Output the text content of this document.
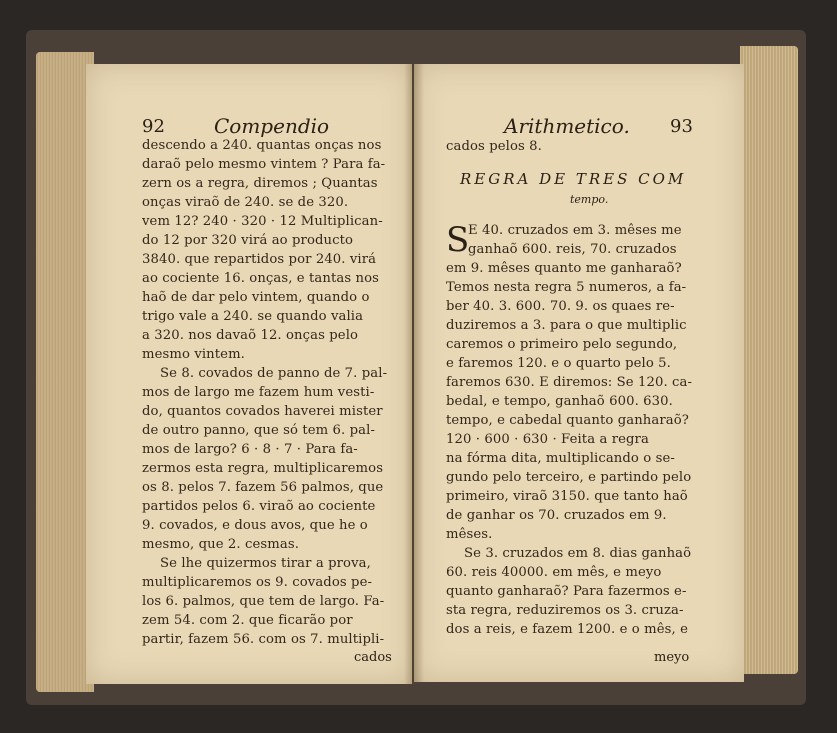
92 Compendio
descendo a 240. quantas onças nos
daraõ pelo mesmo vintem ? Para fa-
zern os a regra, diremos ; Quantas
onças viraõ de 240. se de 320.
vem 12? 240 · 320 · 12 Multiplican-
do 12 por 320 virá ao producto
3840. que repartidos por 240. virá
ao cociente 16. onças, e tantas nos
haõ de dar pelo vintem, quando o
trigo vale a 240. se quando valia
a 320. nos davaõ 12. onças pelo
mesmo vintem.
Se 8. covados de panno de 7. pal-
mos de largo me fazem hum vesti-
do, quantos covados haverei mister
de outro panno, que só tem 6. pal-
mos de largo? 6 · 8 · 7 · Para fa-
zermos esta regra, multiplicaremos
os 8. pelos 7. fazem 56 palmos, que
partidos pelos 6. viraõ ao cociente
9. covados, e dous avos, que he o
mesmo, que 2. cesmas.
Se lhe quizermos tirar a prova,
multiplicaremos os 9. covados pe-
los 6. palmos, que tem de largo. Fa-
zem 54. com 2. que ficarão por
partir, fazem 56. com os 7. multipli-
cados
Arithmetico. 93
cados pelos 8.
REGRA DE TRES COM
tempo.
S
E 40. cruzados em 3. mêses me
ganhaõ 600. reis, 70. cruzados
em 9. mêses quanto me ganharaõ?
Temos nesta regra 5 numeros, a fa-
ber 40. 3. 600. 70. 9. os quaes re-
duziremos a 3. para o que multiplic
caremos o primeiro pelo segundo,
e faremos 120. e o quarto pelo 5.
faremos 630. E diremos: Se 120. ca-
bedal, e tempo, ganhaõ 600. 630.
tempo, e cabedal quanto ganharaõ?
120 · 600 · 630 · Feita a regra
na fórma dita, multiplicando o se-
gundo pelo terceiro, e partindo pelo
primeiro, viraõ 3150. que tanto haõ
de ganhar os 70. cruzados em 9.
mêses.
Se 3. cruzados em 8. dias ganhaõ
60. reis 40000. em mês, e meyo
quanto ganharaõ? Para fazermos e-
sta regra, reduziremos os 3. cruza-
dos a reis, e fazem 1200. e o mês, e
meyo
